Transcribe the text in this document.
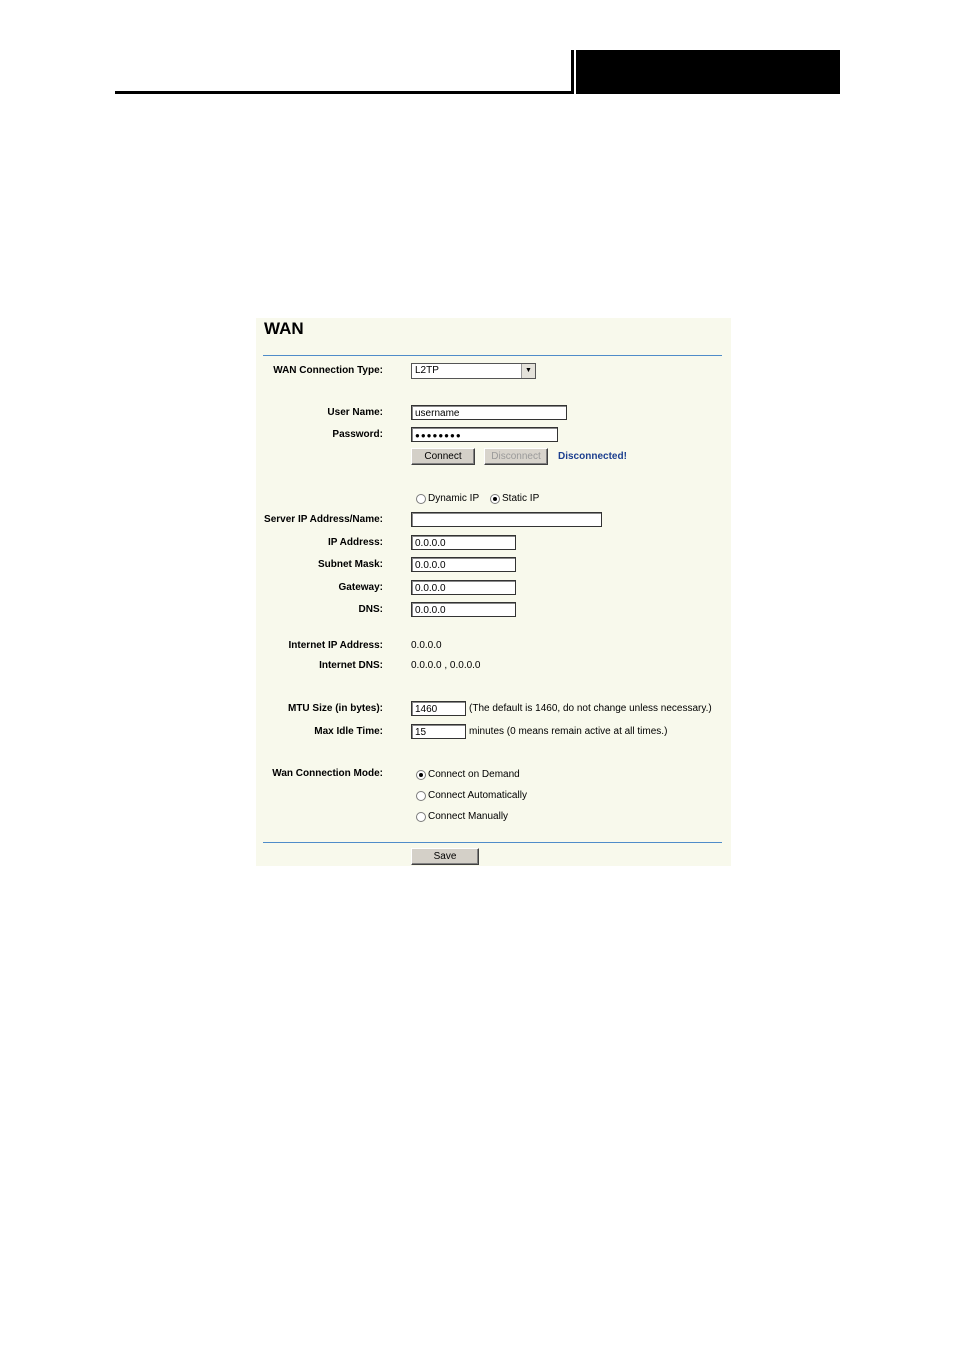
WAN
WAN Connection Type:	L2TP	▼
User Name:	username
Password:	●●●●●●●●
Connect	Disconnect	Disconnected!
Dynamic IP Static IP
Server IP Address/Name:
IP Address:	0.0.0.0
Subnet Mask:	0.0.0.0
Gateway:	0.0.0.0
DNS:	0.0.0.0
Internet IP Address:	0.0.0.0
Internet DNS:	0.0.0.0 , 0.0.0.0
MTU Size (in bytes):	1460	(The default is 1460, do not change unless necessary.)
Max Idle Time:	15	minutes (0 means remain active at all times.)
Wan Connection Mode:	Connect on Demand
Connect Automatically
Connect Manually
Save
